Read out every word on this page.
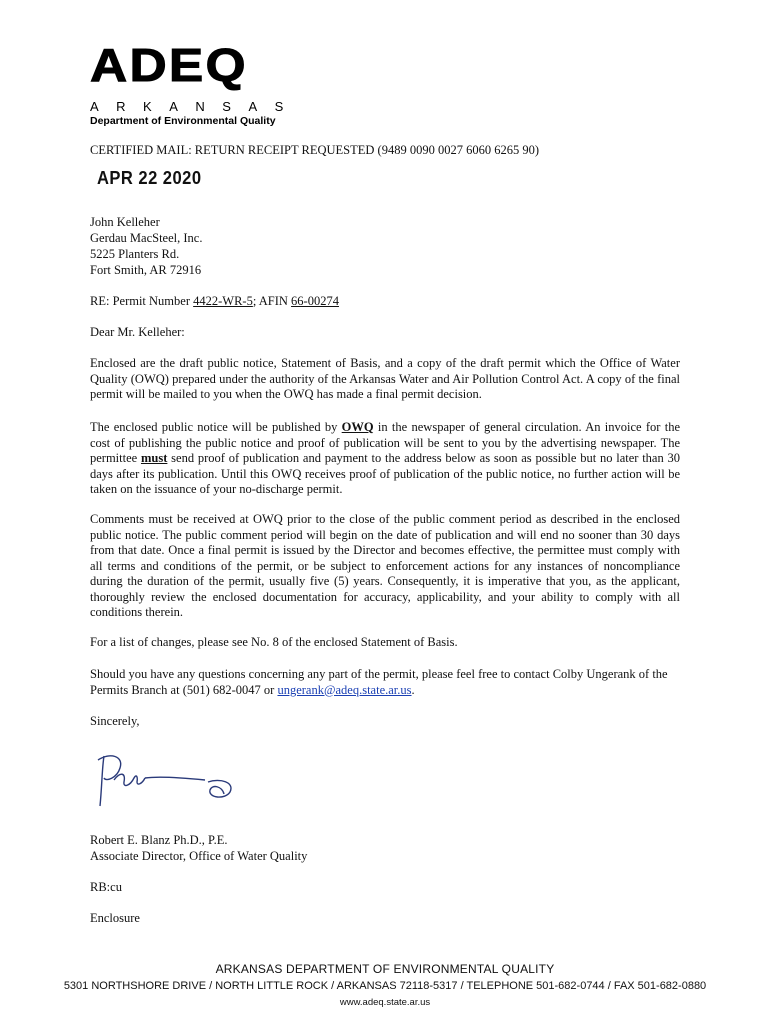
ADEQ
ARKANSAS
Department of Environmental Quality
CERTIFIED MAIL: RETURN RECEIPT REQUESTED (9489 0090 0027 6060 6265 90)
APR 22 2020
John Kelleher
Gerdau MacSteel, Inc.
5225 Planters Rd.
Fort Smith, AR 72916
RE: Permit Number 4422-WR-5; AFIN 66-00274
Dear Mr. Kelleher:
Enclosed are the draft public notice, Statement of Basis, and a copy of the draft permit which the Office of Water Quality (OWQ) prepared under the authority of the Arkansas Water and Air Pollution Control Act. A copy of the final permit will be mailed to you when the OWQ has made a final permit decision.
The enclosed public notice will be published by OWQ in the newspaper of general circulation. An invoice for the cost of publishing the public notice and proof of publication will be sent to you by the advertising newspaper. The permittee must send proof of publication and payment to the address below as soon as possible but no later than 30 days after its publication. Until this OWQ receives proof of publication of the public notice, no further action will be taken on the issuance of your no-discharge permit.
Comments must be received at OWQ prior to the close of the public comment period as described in the enclosed public notice. The public comment period will begin on the date of publication and will end no sooner than 30 days from that date. Once a final permit is issued by the Director and becomes effective, the permittee must comply with all terms and conditions of the permit, or be subject to enforcement actions for any instances of noncompliance during the duration of the permit, usually five (5) years. Consequently, it is imperative that you, as the applicant, thoroughly review the enclosed documentation for accuracy, applicability, and your ability to comply with all conditions therein.
For a list of changes, please see No. 8 of the enclosed Statement of Basis.
Should you have any questions concerning any part of the permit, please feel free to contact Colby Ungerank of the Permits Branch at (501) 682-0047 or ungerank@adeq.state.ar.us.
Sincerely,
Robert E. Blanz Ph.D., P.E.
Associate Director, Office of Water Quality
RB:cu
Enclosure
ARKANSAS DEPARTMENT OF ENVIRONMENTAL QUALITY
5301 NORTHSHORE DRIVE / NORTH LITTLE ROCK / ARKANSAS 72118-5317 / TELEPHONE 501-682-0744 / FAX 501-682-0880
www.adeq.state.ar.us
